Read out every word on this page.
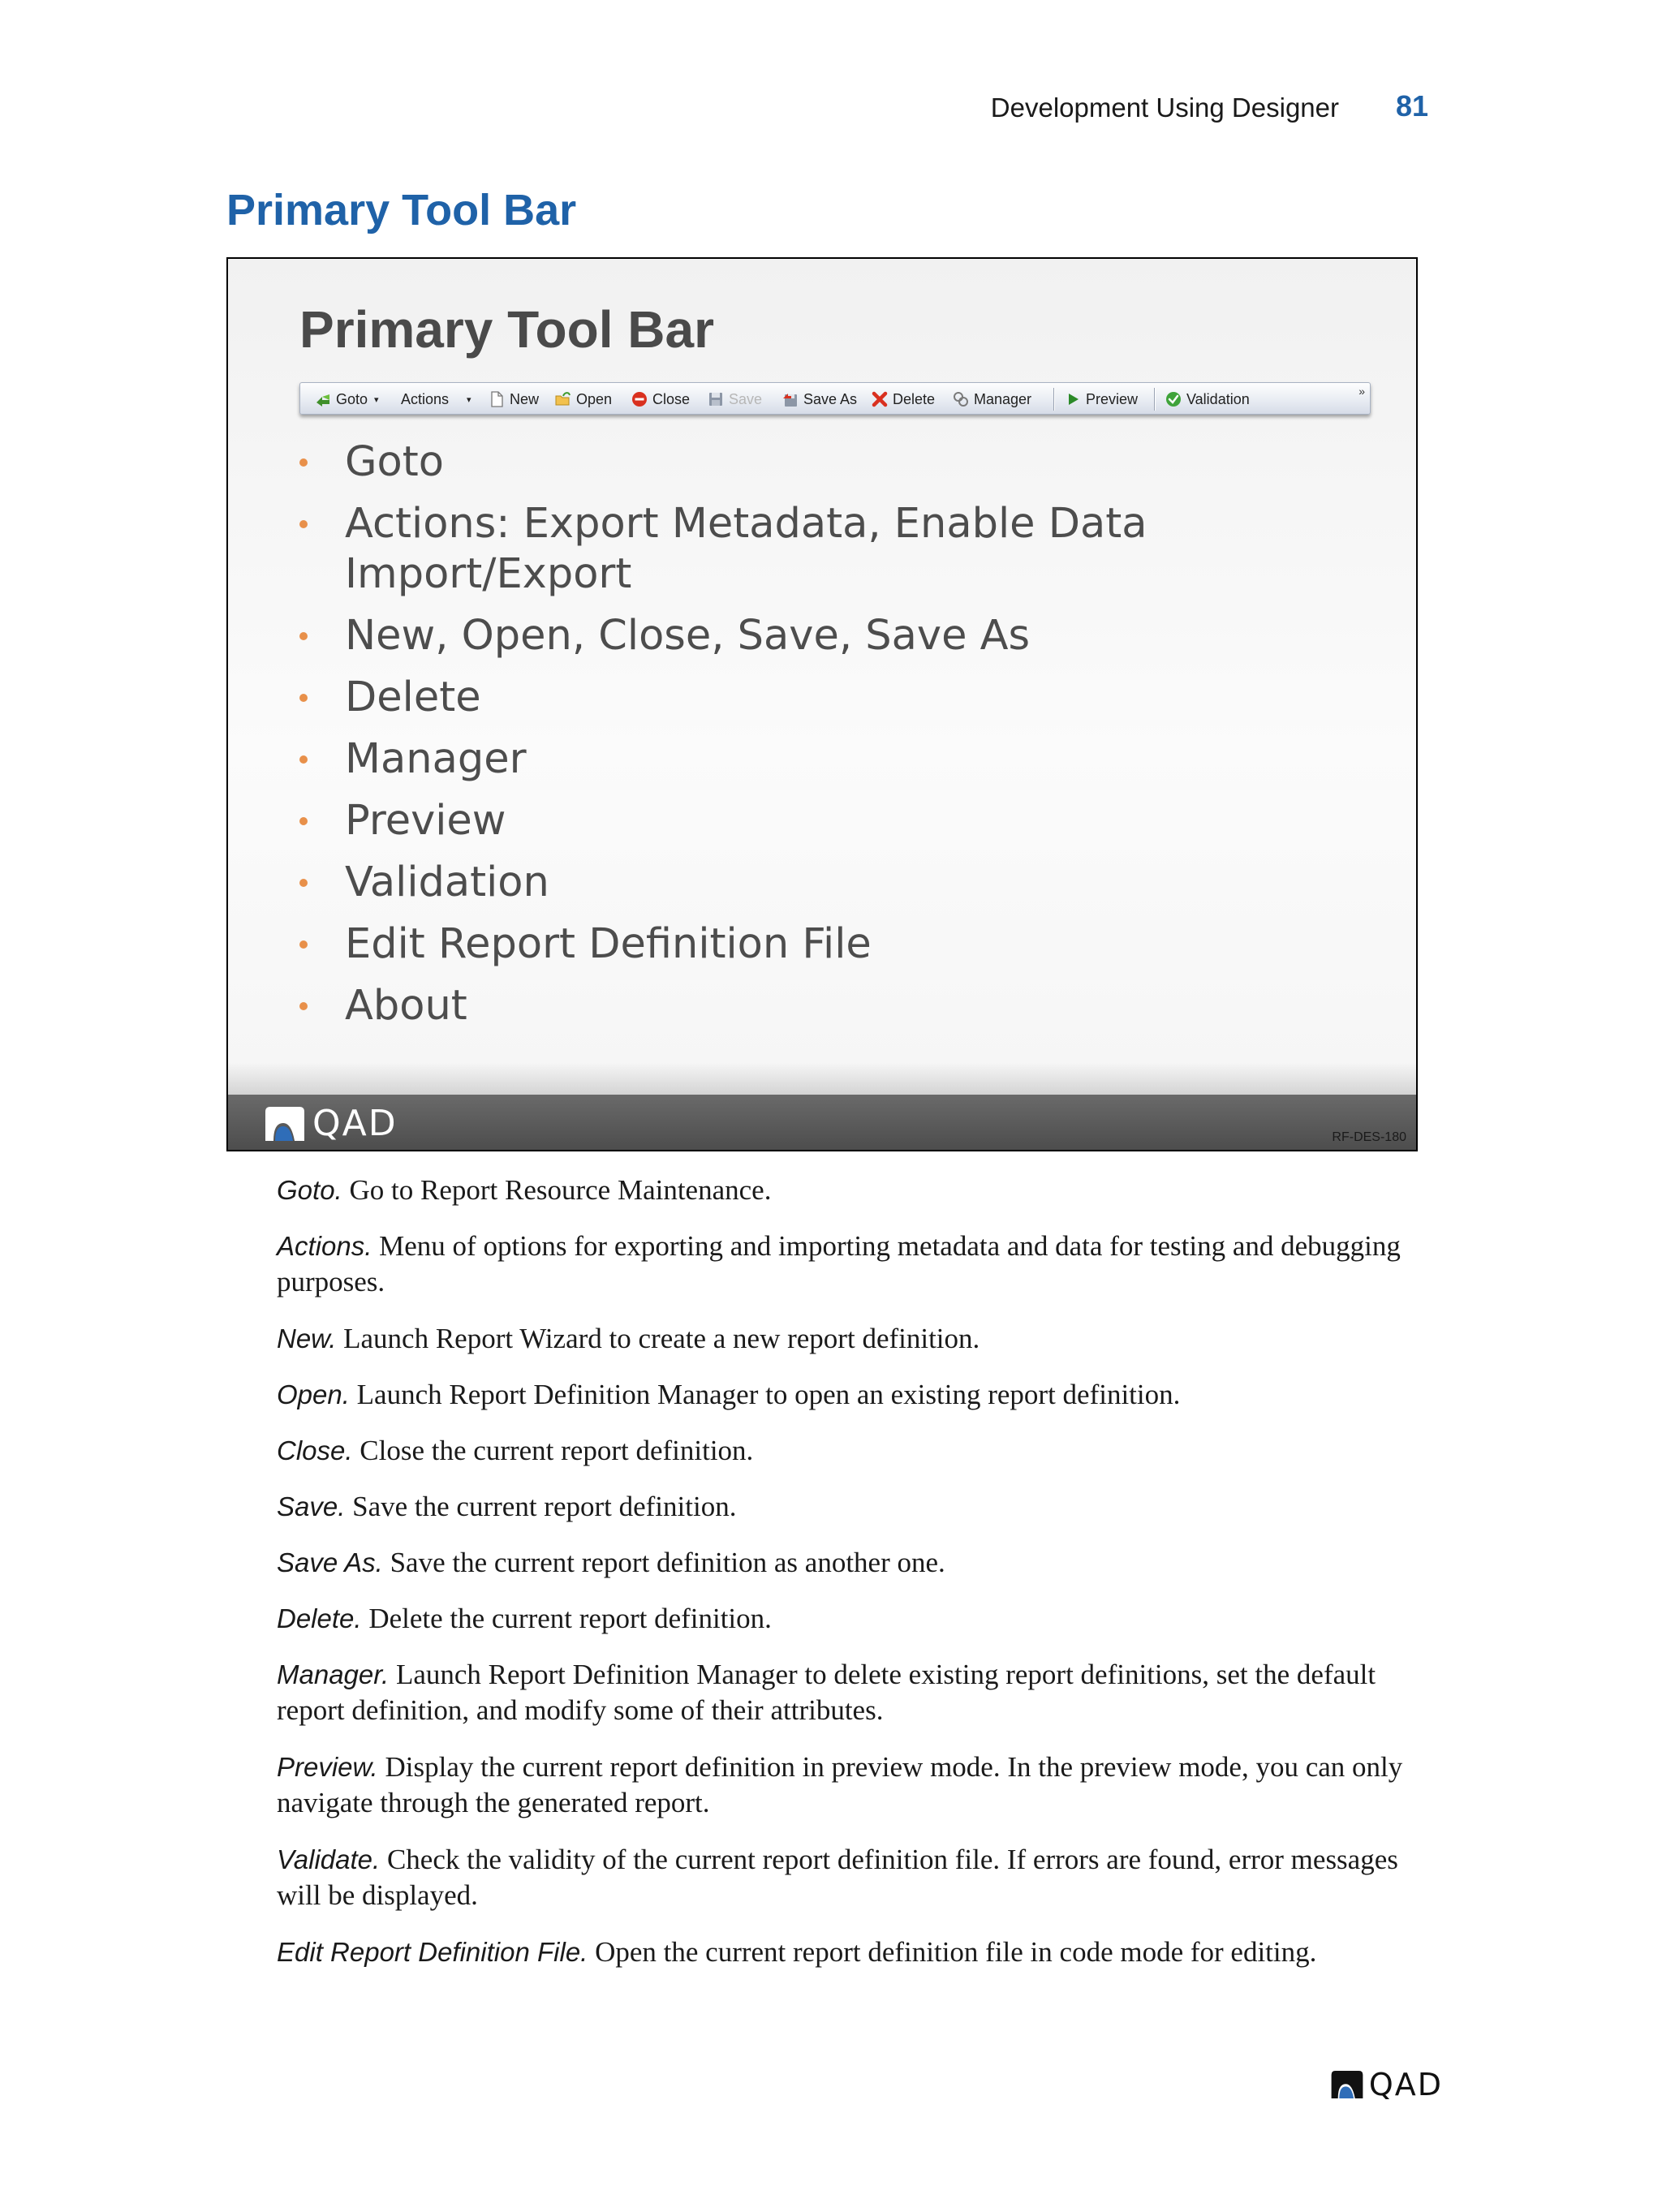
Development Using Designer 81
Primary Tool Bar
Primary Tool Bar
Goto ▾ Actions ▾	New	Open	Close	Save	Save As Delete	Manager	Preview	Validation	»
Goto
Actions: Export Metadata, Enable Data Import/Export
New, Open, Close, Save, Save As
Delete
Manager
Preview
Validation
Edit Report Definition File
About
QAD	RF-DES-180

Goto. Go to Report Resource Maintenance.

Actions. Menu of options for exporting and importing metadata and data for testing and debugging purposes.

New. Launch Report Wizard to create a new report definition.

Open. Launch Report Definition Manager to open an existing report definition.

Close. Close the current report definition.

Save. Save the current report definition.

Save As. Save the current report definition as another one.

Delete. Delete the current report definition.

Manager. Launch Report Definition Manager to delete existing report definitions, set the default report definition, and modify some of their attributes.

Preview. Display the current report definition in preview mode. In the preview mode, you can only navigate through the generated report.

Validate. Check the validity of the current report definition file. If errors are found, error messages will be displayed.

Edit Report Definition File. Open the current report definition file in code mode for editing.

QAD
